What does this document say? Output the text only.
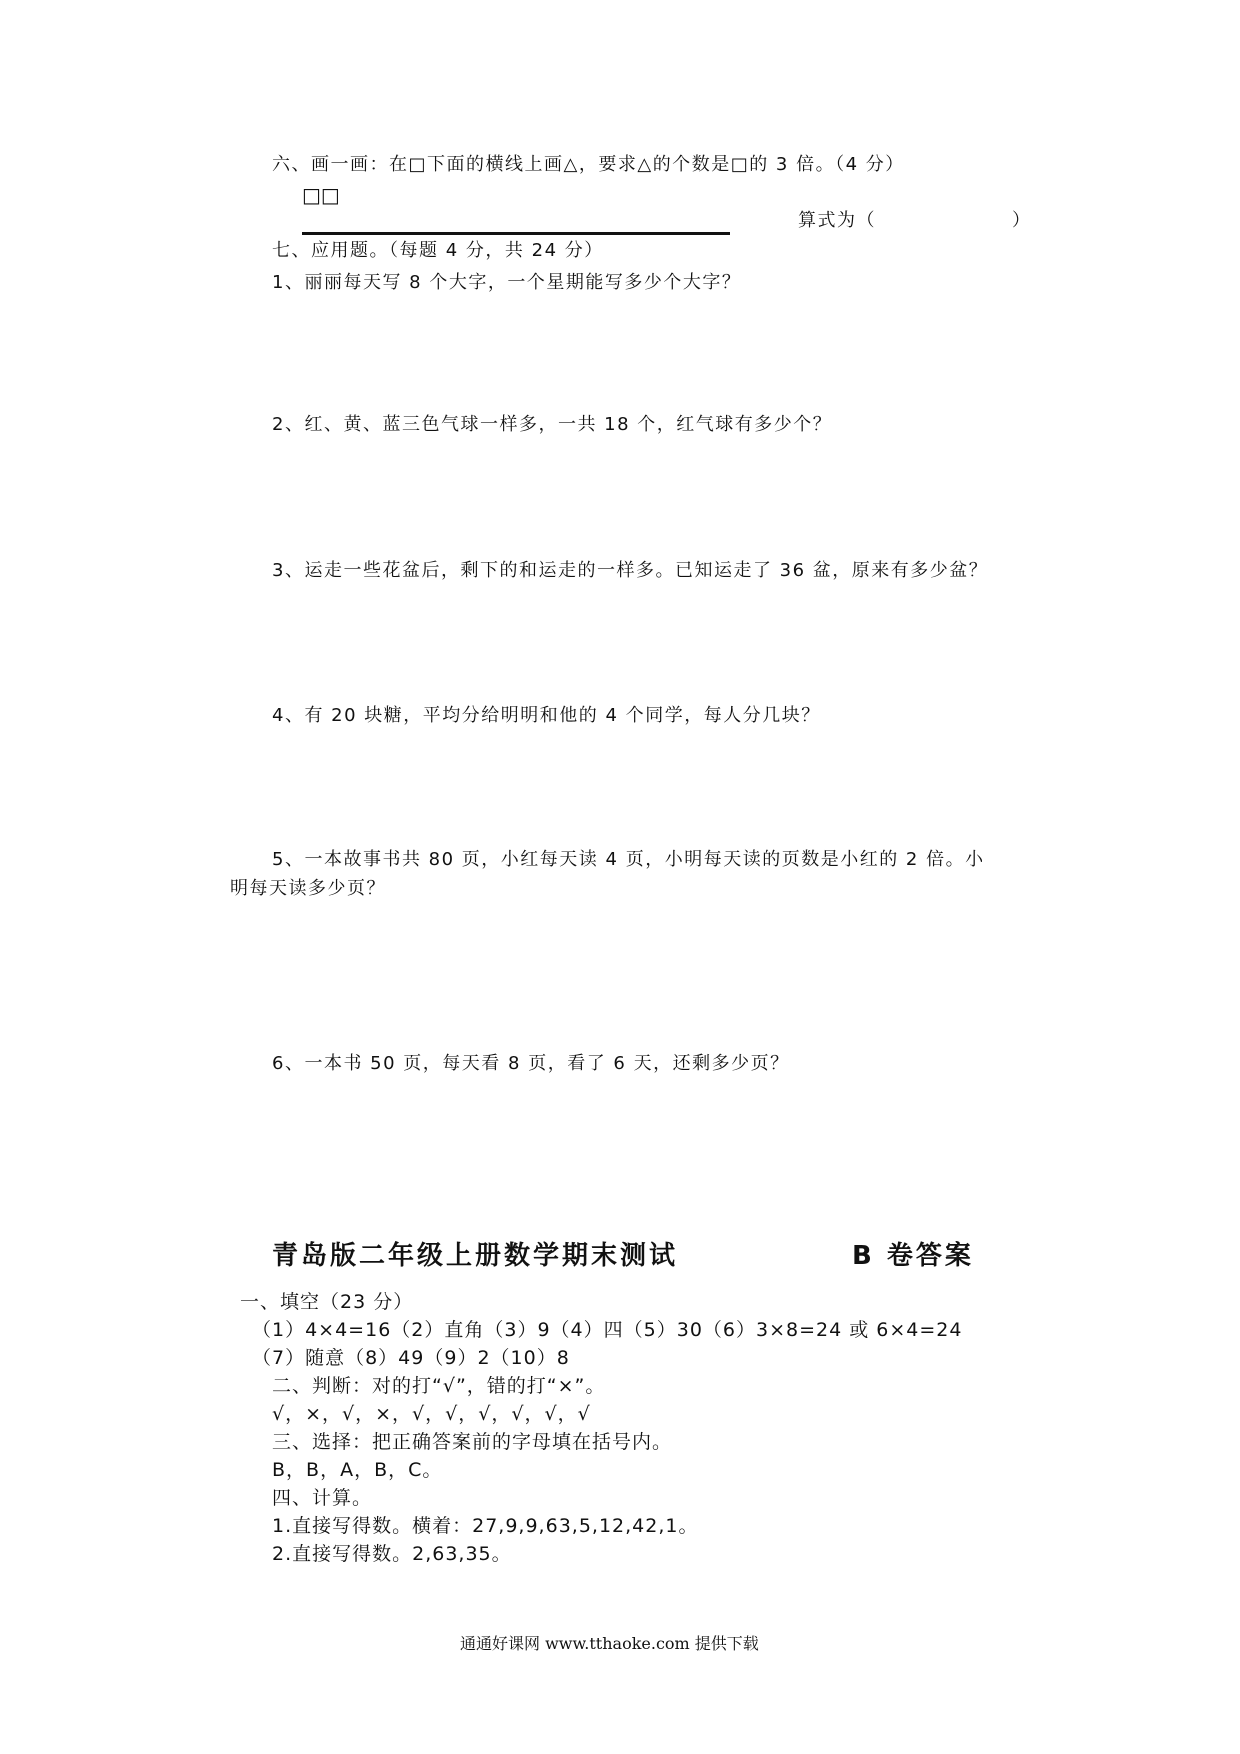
六、画一画：在□下面的横线上画△，要求△的个数是□的 3 倍。（4 分）
□□
算式为（	）
七、应用题。（每题 4 分，共 24 分）
1、丽丽每天写 8 个大字，一个星期能写多少个大字？
2、红、黄、蓝三色气球一样多，一共 18 个，红气球有多少个？
3、运走一些花盆后，剩下的和运走的一样多。已知运走了 36 盆，原来有多少盆？
4、有 20 块糖，平均分给明明和他的 4 个同学，每人分几块？
5、一本故事书共 80 页，小红每天读 4 页，小明每天读的页数是小红的 2 倍。小
明每天读多少页？
6、一本书 50 页，每天看 8 页，看了 6 天，还剩多少页？
青岛版二年级上册数学期末测试	B 卷答案
一、填空（23 分）
（1）4×4=16（2）直角（3）9（4）四（5）30（6）3×8=24 或 6×4=24
（7）随意（8）49（9）2（10）8
二、判断：对的打“√”，错的打“×”。
√，×，√，×，√，√，√，√，√，√
三、选择：把正确答案前的字母填在括号内。
B，B，A，B，C。
四、计算。
1.直接写得数。横着：27,9,9,63,5,12,42,1。
2.直接写得数。2,63,35。
通通好课网 www.tthaoke.com 提供下载
